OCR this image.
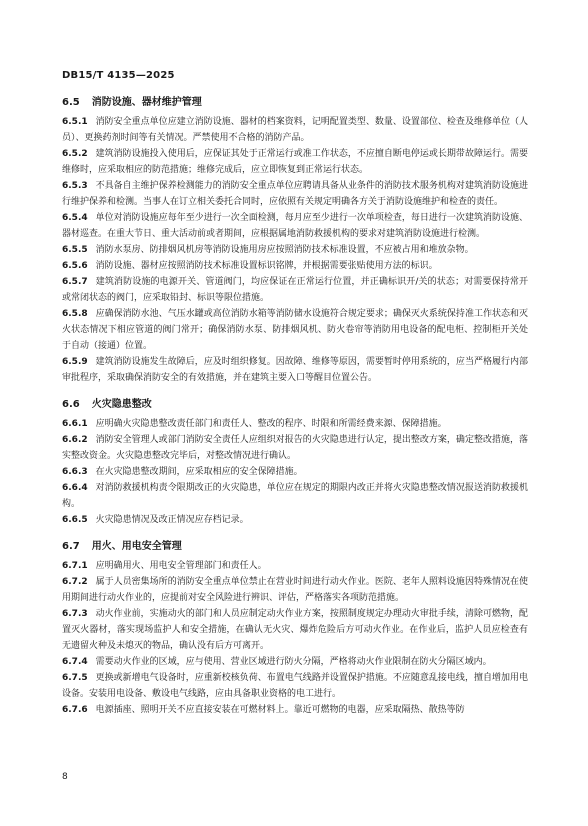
DB15/T 4135—2025
6.5 消防设施、器材维护管理

6.5.1 消防安全重点单位应建立消防设施、器材的档案资料，记明配置类型、数量、设置部位、检查及维修单位（人员）、更换药剂时间等有关情况。严禁使用不合格的消防产品。

6.5.2 建筑消防设施投入使用后，应保证其处于正常运行或准工作状态，不应擅自断电停运或长期带故障运行。需要维修时，应采取相应的防范措施；维修完成后，应立即恢复到正常运行状态。

6.5.3 不具备自主维护保养检测能力的消防安全重点单位应聘请具备从业条件的消防技术服务机构对建筑消防设施进行维护保养和检测。当事人在订立相关委托合同时，应依照有关规定明确各方关于消防设施维护和检查的责任。

6.5.4 单位对消防设施应每年至少进行一次全面检测，每月应至少进行一次单项检查，每日进行一次建筑消防设施、器材巡查。在重大节日、重大活动前或者期间，应根据属地消防救援机构的要求对建筑消防设施进行检测。

6.5.5 消防水泵房、防排烟风机房等消防设施用房应按照消防技术标准设置，不应被占用和堆放杂物。

6.5.6 消防设施、器材应按照消防技术标准设置标识铭牌，并根据需要张贴使用方法的标识。

6.5.7 建筑消防设施的电源开关、管道阀门，均应保证在正常运行位置，并正确标识开/关的状态；对需要保持常开或常闭状态的阀门，应采取铅封、标识等限位措施。

6.5.8 应确保消防水池、气压水罐或高位消防水箱等消防储水设施符合规定要求；确保灭火系统保持准工作状态和灭火状态情况下相应管道的阀门常开；确保消防水泵、防排烟风机、防火卷帘等消防用电设备的配电柜、控制柜开关处于自动（接通）位置。

6.5.9 建筑消防设施发生故障后，应及时组织修复。因故障、维修等原因，需要暂时停用系统的，应当严格履行内部审批程序，采取确保消防安全的有效措施，并在建筑主要入口等醒目位置公告。

6.6 火灾隐患整改

6.6.1 应明确火灾隐患整改责任部门和责任人、整改的程序、时限和所需经费来源、保障措施。

6.6.2 消防安全管理人或部门消防安全责任人应组织对报告的火灾隐患进行认定，提出整改方案，确定整改措施，落实整改资金。火灾隐患整改完毕后，对整改情况进行确认。

6.6.3 在火灾隐患整改期间，应采取相应的安全保障措施。

6.6.4 对消防救援机构责令限期改正的火灾隐患，单位应在规定的期限内改正并将火灾隐患整改情况报送消防救援机构。

6.6.5 火灾隐患情况及改正情况应存档记录。

6.7 用火、用电安全管理

6.7.1 应明确用火、用电安全管理部门和责任人。

6.7.2 属于人员密集场所的消防安全重点单位禁止在营业时间进行动火作业。医院、老年人照料设施因特殊情况在使用期间进行动火作业的，应提前对安全风险进行辨识、评估，严格落实各项防范措施。

6.7.3 动火作业前，实施动火的部门和人员应制定动火作业方案，按照制度规定办理动火审批手续，清除可燃物，配置灭火器材，落实现场监护人和安全措施，在确认无火灾、爆炸危险后方可动火作业。在作业后，监护人员应检查有无遗留火种及未熄灭的物品，确认没有后方可离开。

6.7.4 需要动火作业的区域，应与使用、营业区域进行防火分隔，严格将动火作业限制在防火分隔区域内。

6.7.5 更换或新增电气设备时，应重新校核负荷、布置电气线路并设置保护措施。不应随意乱接电线，擅自增加用电设备。安装用电设备、敷设电气线路，应由具备职业资格的电工进行。

6.7.6 电源插座、照明开关不应直接安装在可燃材料上。靠近可燃物的电器，应采取隔热、散热等防

8
